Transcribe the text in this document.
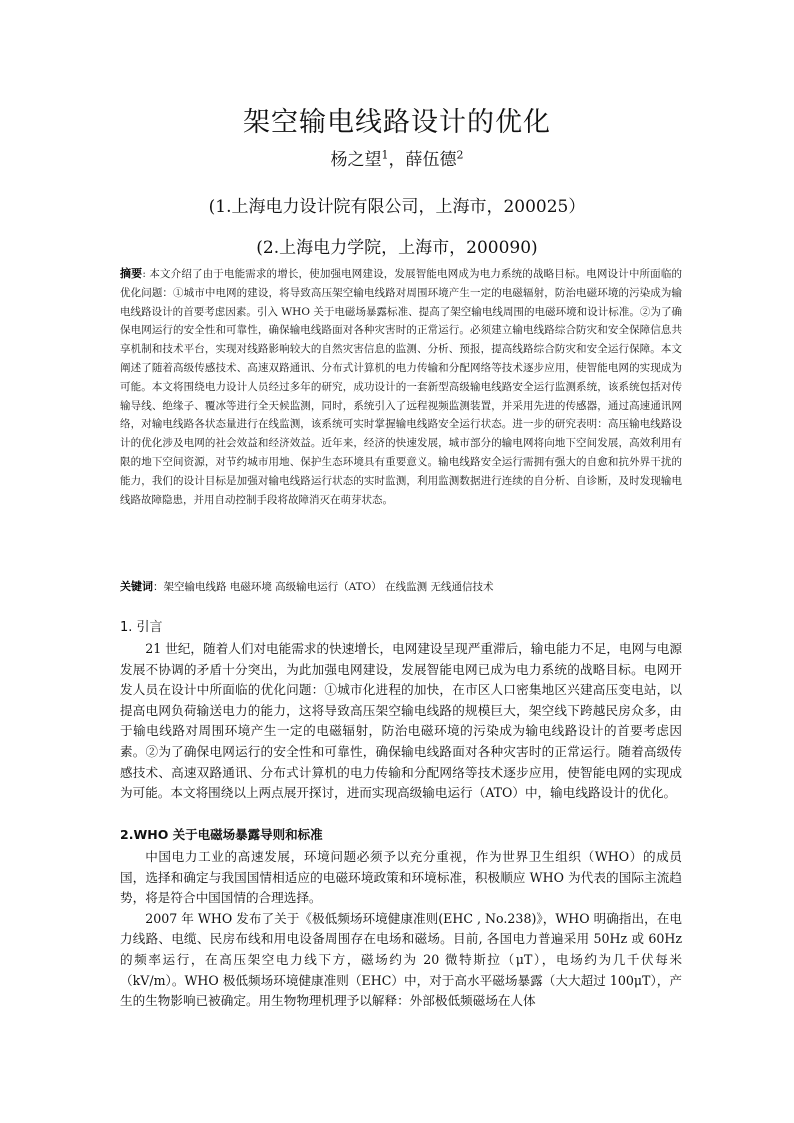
架空输电线路设计的优化
杨之望$^1$，薛伍德$^2$
(1.上海电力设计院有限公司，上海市，200025）
(2.上海电力学院，上海市，200090)
摘要: 本文介绍了由于电能需求的增长，使加强电网建设，发展智能电网成为电力系统的战略目标。电网设计中所面临的优化问题：①城市中电网的建设，将导致高压架空输电线路对周围环境产生一定的电磁辐射，防治电磁环境的污染成为输电线路设计的首要考虑因素。引入 WHO 关于电磁场暴露标准、提高了架空输电线周围的电磁环境和设计标准。②为了确保电网运行的安全性和可靠性，确保输电线路面对各种灾害时的正常运行。必须建立输电线路综合防灾和安全保障信息共享机制和技术平台，实现对线路影响较大的自然灾害信息的监测、分析、预报，提高线路综合防灾和安全运行保障。本文阐述了随着高级传感技术、高速双路通讯、分布式计算机的电力传输和分配网络等技术逐步应用，使智能电网的实现成为可能。本文将围绕电力设计人员经过多年的研究，成功设计的一套新型高级输电线路安全运行监测系统，该系统包括对传输导线、绝缘子、覆冰等进行全天候监测，同时，系统引入了远程视频监测装置，并采用先进的传感器，通过高速通讯网络，对输电线路各状态量进行在线监测，该系统可实时掌握输电线路安全运行状态。进一步的研究表明：高压输电线路设计的优化涉及电网的社会效益和经济效益。近年来，经济的快速发展，城市部分的输电网将向地下空间发展，高效利用有限的地下空间资源，对节约城市用地、保护生态环境具有重要意义。输电线路安全运行需拥有强大的自愈和抗外界干扰的能力，我们的设计目标是加强对输电线路运行状态的实时监测，利用监测数据进行连续的自分析、自诊断，及时发现输电线路故障隐患，并用自动控制手段将故障消灭在萌芽状态。
关键词：架空输电线路 电磁环境 高级输电运行（ATO） 在线监测 无线通信技术
1. 引言

21 世纪，随着人们对电能需求的快速增长，电网建设呈现严重滞后，输电能力不足，电网与电源发展不协调的矛盾十分突出，为此加强电网建设，发展智能电网已成为电力系统的战略目标。电网开发人员在设计中所面临的优化问题：①城市化进程的加快，在市区人口密集地区兴建高压变电站，以提高电网负荷输送电力的能力，这将导致高压架空输电线路的规模巨大，架空线下跨越民房众多，由于输电线路对周围环境产生一定的电磁辐射，防治电磁环境的污染成为输电线路设计的首要考虑因素。②为了确保电网运行的安全性和可靠性，确保输电线路面对各种灾害时的正常运行。随着高级传感技术、高速双路通讯、分布式计算机的电力传输和分配网络等技术逐步应用，使智能电网的实现成为可能。本文将围绕以上两点展开探讨，进而实现高级输电运行（ATO）中，输电线路设计的优化。

2.WHO 关于电磁场暴露导则和标准

中国电力工业的高速发展，环境问题必须予以充分重视，作为世界卫生组织（WHO）的成员国，选择和确定与我国国情相适应的电磁环境政策和环境标准，积极顺应 WHO 为代表的国际主流趋势，将是符合中国国情的合理选择。

2007 年 WHO 发布了关于《极低频场环境健康准则(EHC , No.238)》，WHO 明确指出，在电力线路、电缆、民房布线和用电设备周围存在电场和磁场。目前, 各国电力普遍采用 50Hz 或 60Hz 的频率运行，在高压架空电力线下方，磁场约为 20 微特斯拉（μT），电场约为几千伏每米（kV/m）。WHO 极低频场环境健康准则（EHC）中，对于高水平磁场暴露（大大超过 100μT），产生的生物影响已被确定。用生物物理机理予以解释：外部极低频磁场在人体
